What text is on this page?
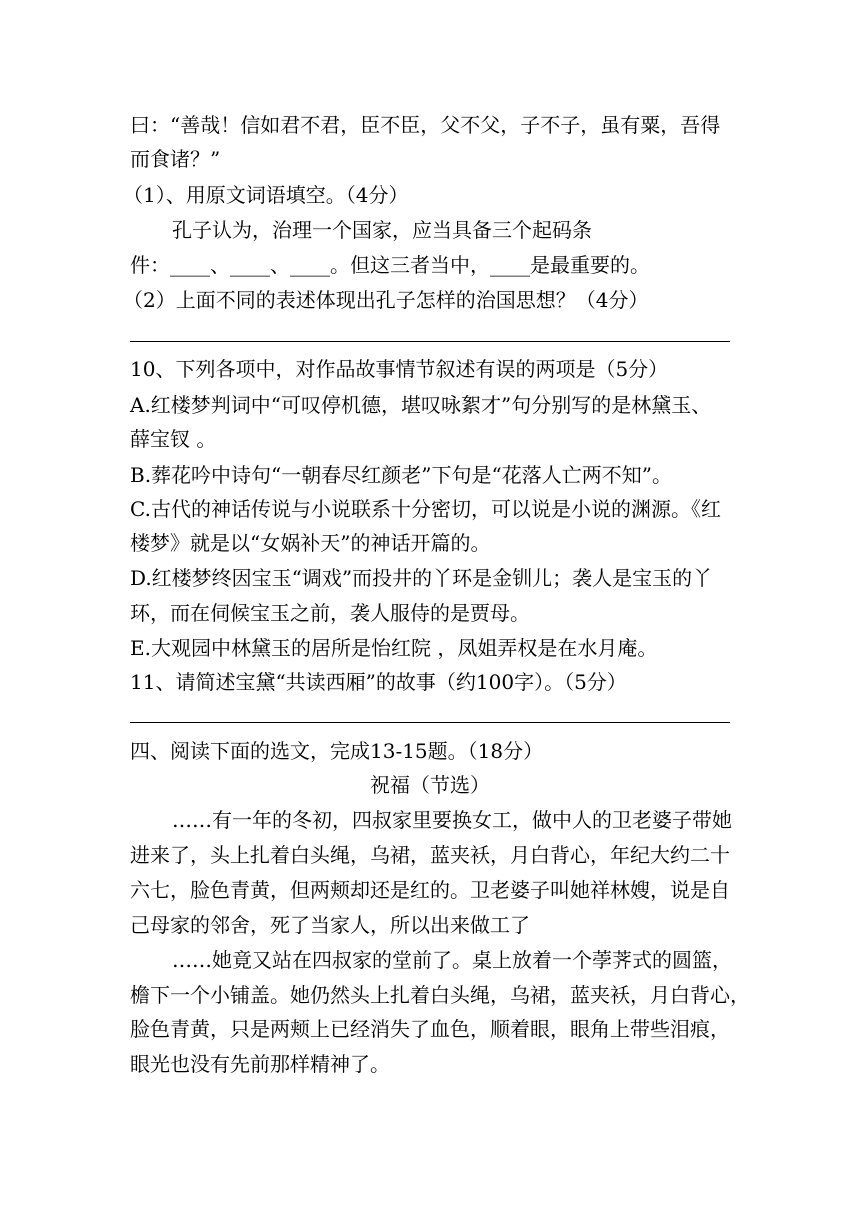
曰：“善哉！信如君不君，臣不臣，父不父，子不子，虽有粟，吾得
而食诸？”
（1）、用原文词语填空。（4分）
孔子认为，治理一个国家，应当具备三个起码条
件：____、____、____。但这三者当中，____是最重要的。
（2）上面不同的表述体现出孔子怎样的治国思想？（4分）
10、下列各项中，对作品故事情节叙述有误的两项是（5分）
A.红楼梦判词中“可叹停机德，堪叹咏絮才”句分别写的是林黛玉、
薛宝钗 。
B.葬花吟中诗句“一朝春尽红颜老”下句是“花落人亡两不知”。
C.古代的神话传说与小说联系十分密切，可以说是小说的渊源。《红
楼梦》就是以“女娲补天”的神话开篇的。
D.红楼梦终因宝玉“调戏”而投井的丫环是金钏儿；袭人是宝玉的丫
环，而在伺候宝玉之前，袭人服侍的是贾母。
E.大观园中林黛玉的居所是怡红院 ，凤姐弄权是在水月庵。
11、请简述宝黛“共读西厢”的故事（约100字）。（5分）
四、阅读下面的选文，完成13-15题。（18分）
祝福（节选）
……有一年的冬初，四叔家里要换女工，做中人的卫老婆子带她
进来了，头上扎着白头绳，乌裙，蓝夹袄，月白背心，年纪大约二十
六七，脸色青黄，但两颊却还是红的。卫老婆子叫她祥林嫂，说是自
己母家的邻舍，死了当家人，所以出来做工了
……她竟又站在四叔家的堂前了。桌上放着一个荸荠式的圆篮，
檐下一个小铺盖。她仍然头上扎着白头绳，乌裙，蓝夹袄，月白背心，
脸色青黄，只是两颊上已经消失了血色，顺着眼，眼角上带些泪痕，
眼光也没有先前那样精神了。
